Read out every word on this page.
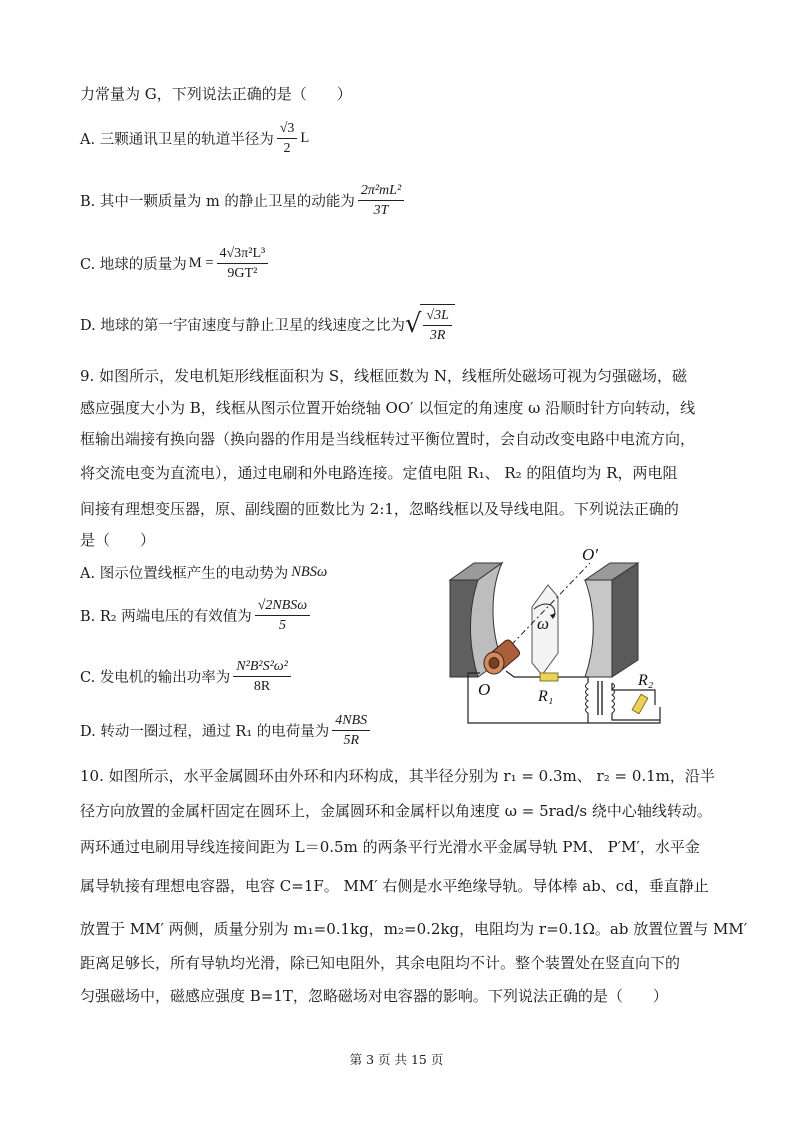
力常量为 G，下列说法正确的是（　　）
A. 三颗通讯卫星的轨道半径为 $\frac{√3}{2}$ L
B. 其中一颗质量为 m 的静止卫星的动能为 $\frac{\text{2π²mL²}}{3T}$
C. 地球的质量为 $M = \frac{\text{4√3π²L³}}{\text{9GT²}}$
D. 地球的第一宇宙速度与静止卫星的线速度之比为 √ $\frac{√3L}{3R}$
9. 如图所示，发电机矩形线框面积为 S，线框匝数为 N，线框所处磁场可视为匀强磁场，磁
感应强度大小为 B，线框从图示位置开始绕轴 OO′ 以恒定的角速度 ω 沿顺时针方向转动，线
框输出端接有换向器（换向器的作用是当线框转过平衡位置时，会自动改变电路中电流方向，
将交流电变为直流电），通过电刷和外电路连接。定值电阻 R₁、 R₂ 的阻值均为 R，两电阻
间接有理想变压器，原、副线圈的匝数比为 2:1，忽略线框以及导线电阻。下列说法正确的
是（　　）
A. 图示位置线框产生的电动势为 NBSω
B. R₂ 两端电压的有效值为 $\frac{\text{√2NBSω}}{5}$
C. 发电机的输出功率为 $\frac{\text{N²B²S²ω²}}{8R}$
D. 转动一圈过程，通过 R₁ 的电荷量为 $\frac{\text{4NBS}}{5R}$
O′
ω
O	R₁
R₂
10. 如图所示，水平金属圆环由外环和内环构成，其半径分别为 r₁ = 0.3m、 r₂ = 0.1m，沿半
径方向放置的金属杆固定在圆环上，金属圆环和金属杆以角速度 ω = 5rad/s 绕中心轴线转动。
两环通过电刷用导线连接间距为 L＝0.5m 的两条平行光滑水平金属导轨 PM、 P′M′，水平金
属导轨接有理想电容器，电容 C=1F。 MM′ 右侧是水平绝缘导轨。导体棒 ab、cd，垂直静止
放置于 MM′ 两侧，质量分别为 m₁=0.1kg，m₂=0.2kg，电阻均为 r=0.1Ω。ab 放置位置与 MM′
距离足够长，所有导轨均光滑，除已知电阻外，其余电阻均不计。整个装置处在竖直向下的
匀强磁场中，磁感应强度 B=1T，忽略磁场对电容器的影响。下列说法正确的是（　　）
第 3 页 共 15 页
